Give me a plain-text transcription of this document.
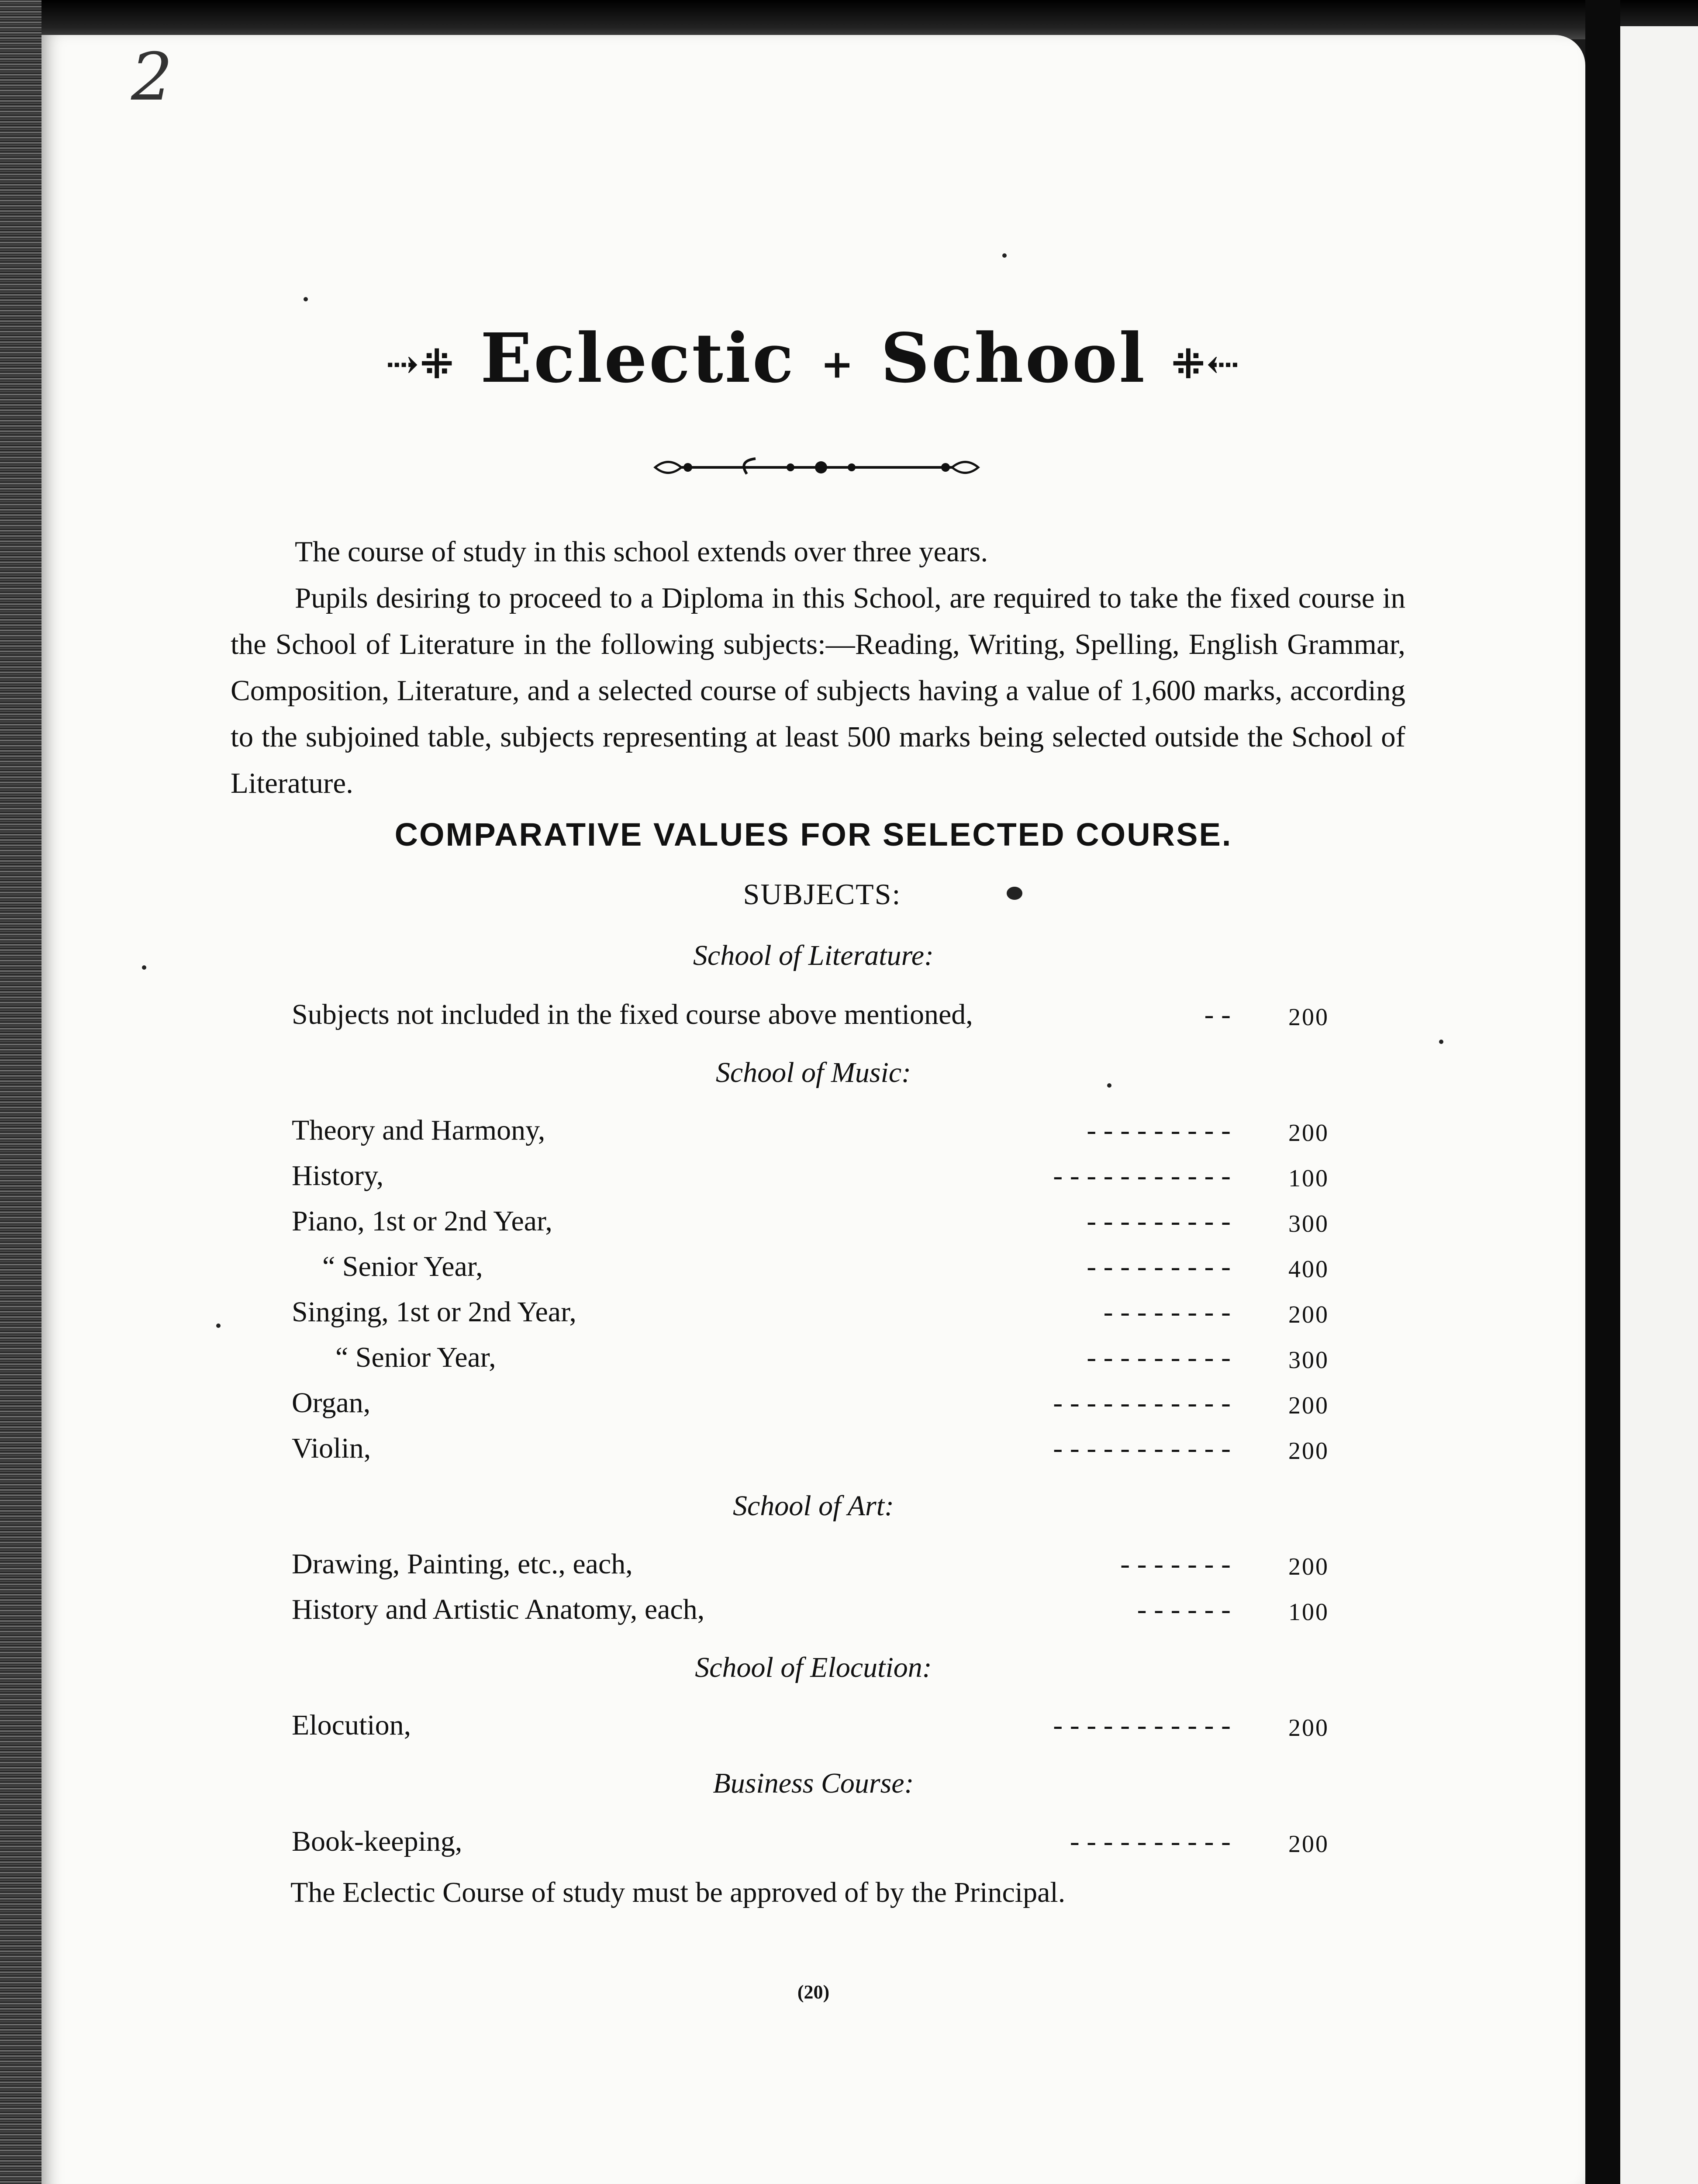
2
⇢⁜ Eclectic + School ⁜⇠
The course of study in this school extends over three years.
Pupils desiring to proceed to a Diploma in this School, are required to take the fixed course in the School of Literature in the following subjects:—Reading, Writing, Spelling, English Grammar, Composition, Literature, and a selected course of subjects having a value of 1,600 marks, according to the subjoined table, subjects representing at least 500 marks being selected outside the School of Literature.
COMPARATIVE VALUES FOR SELECTED COURSE.
SUBJECTS:
School of Literature:
Subjects not included in the fixed course above mentioned,	- - 200
School of Music:
Theory and Harmony,	- - - - - - - - - 200
History,	- - - - - - - - - - - 100
Piano, 1st or 2nd Year,	- - - - - - - - - 300
“ Senior Year,	- - - - - - - - - 400
Singing, 1st or 2nd Year,	- - - - - - - - 200
“ Senior Year,	- - - - - - - - - 300
Organ,	- - - - - - - - - - - 200
Violin,	- - - - - - - - - - - 200
School of Art:
Drawing, Painting, etc., each,	- - - - - - - 200
History and Artistic Anatomy, each,	- - - - - - 100
School of Elocution:
Elocution,	- - - - - - - - - - - 200
Business Course:
Book-keeping,	- - - - - - - - - - 200
The Eclectic Course of study must be approved of by the Principal.
(20)
